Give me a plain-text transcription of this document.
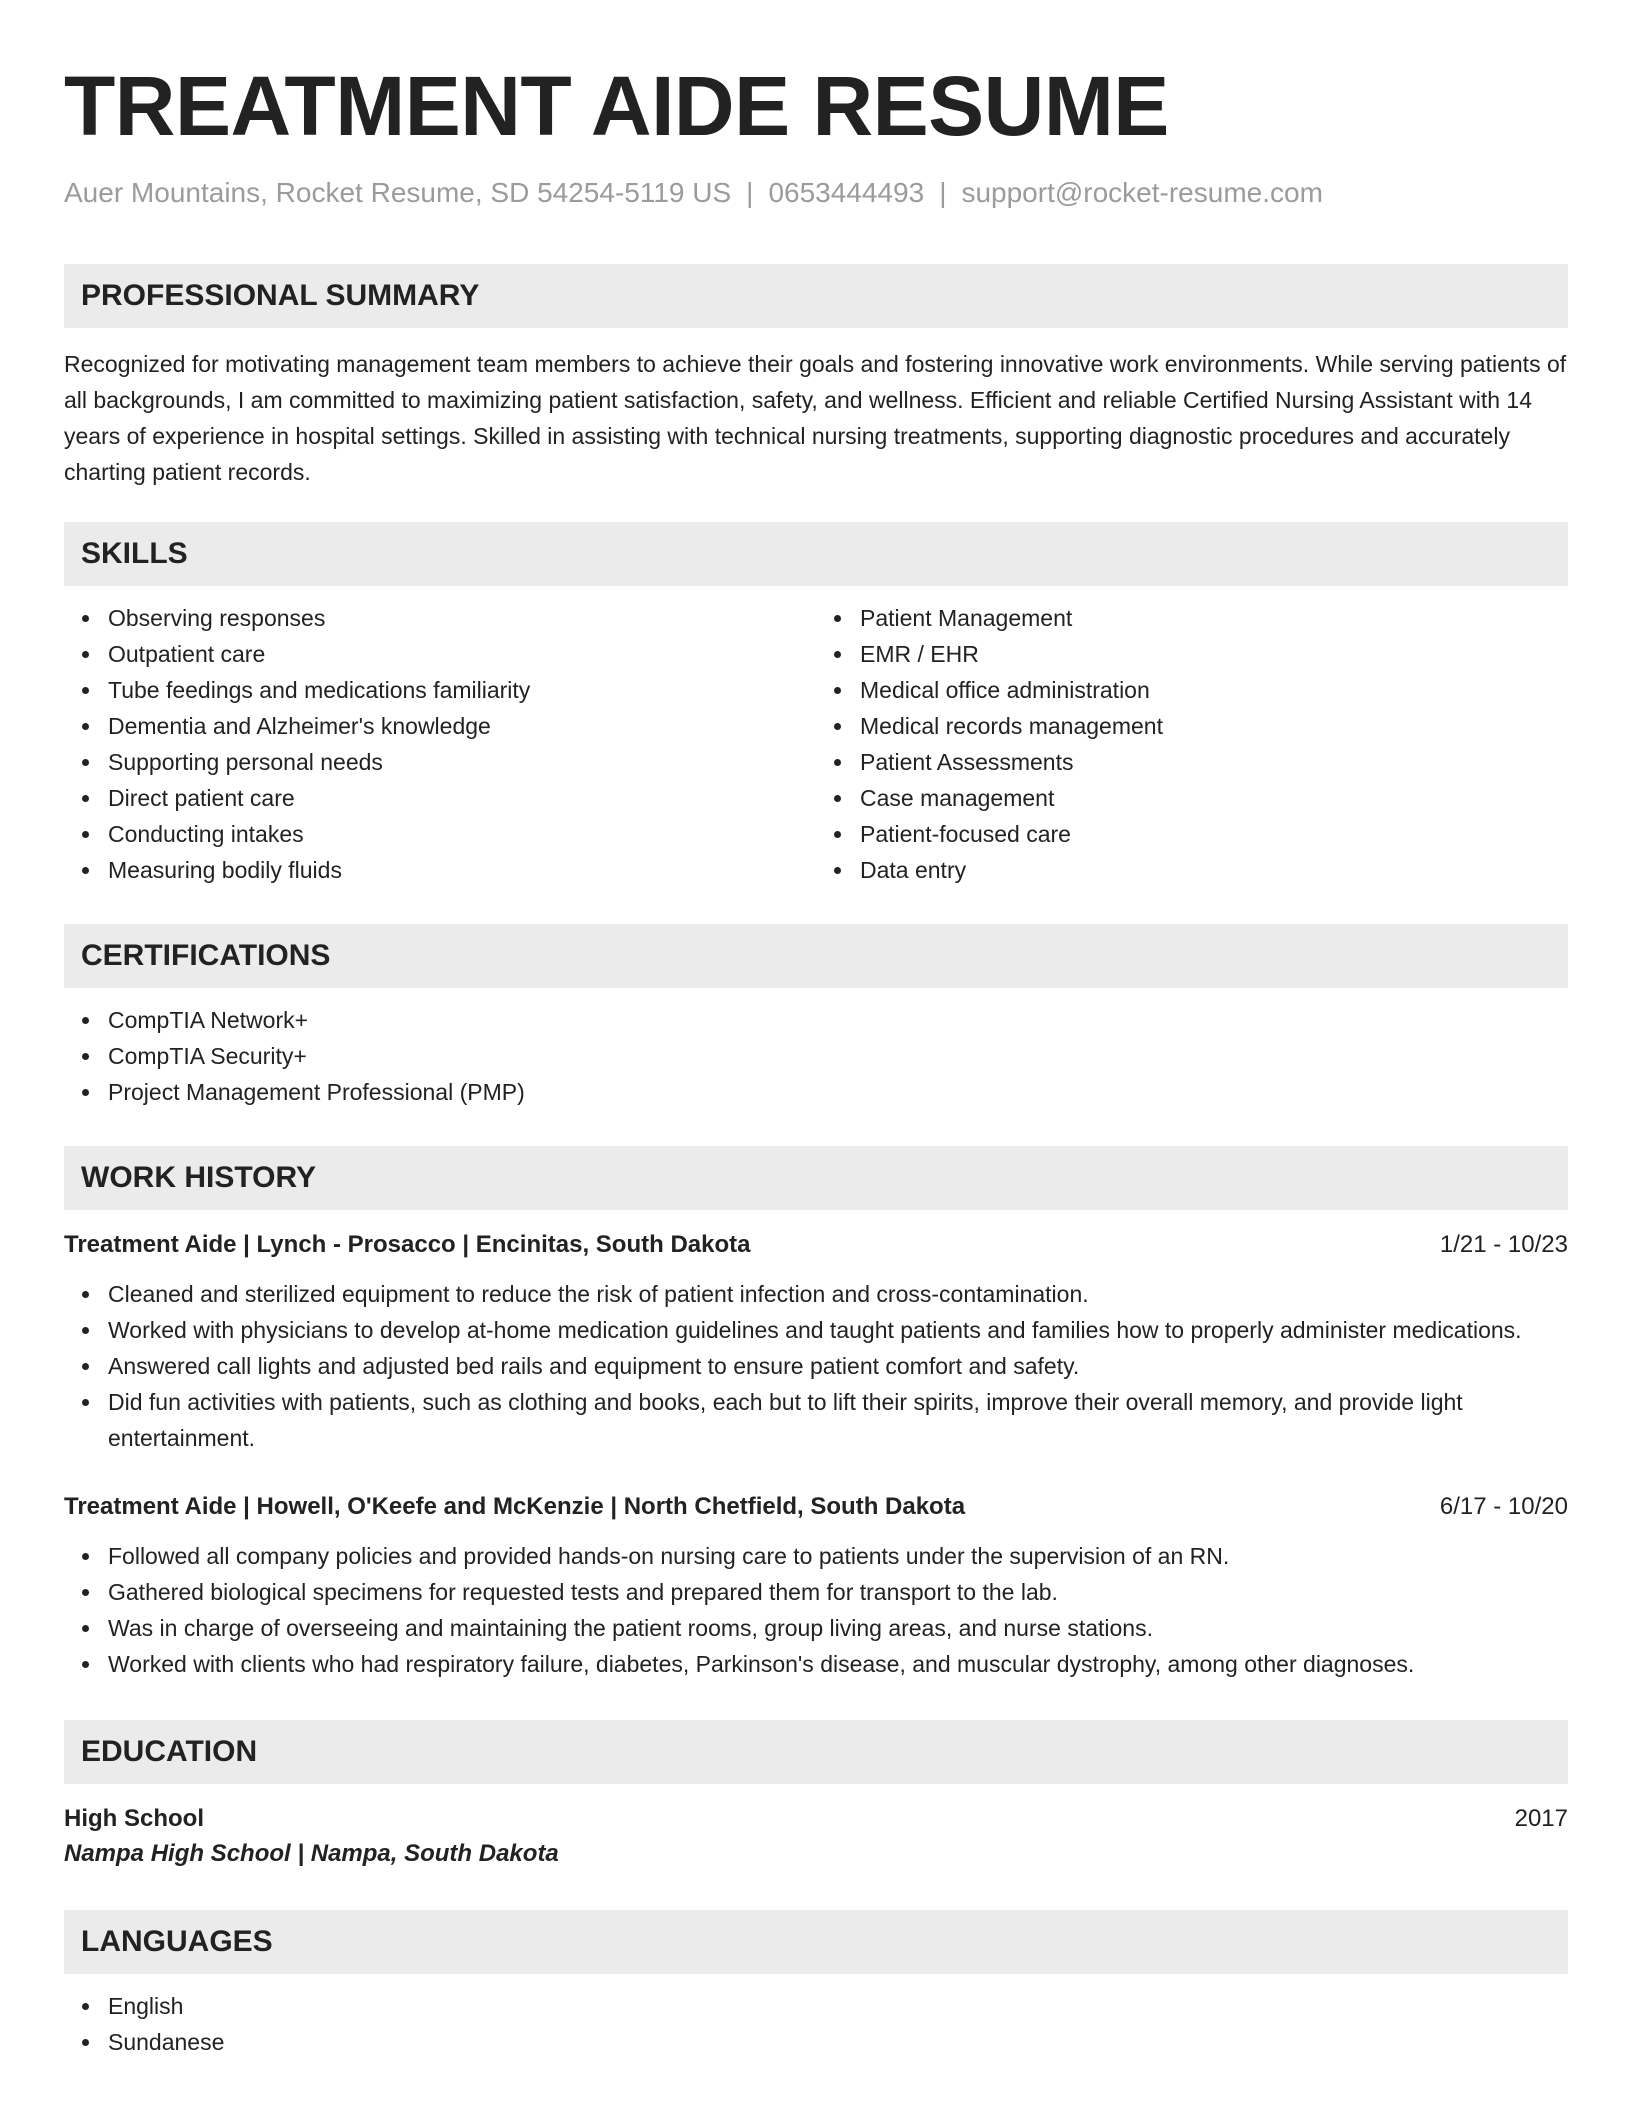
TREATMENT AIDE RESUME
Auer Mountains, Rocket Resume, SD 54254-5119 US | 0653444493 | support@rocket-resume.com
PROFESSIONAL SUMMARY
Recognized for motivating management team members to achieve their goals and fostering innovative work environments. While serving patients of all backgrounds, I am committed to maximizing patient satisfaction, safety, and wellness. Efficient and reliable Certified Nursing Assistant with 14 years of experience in hospital settings. Skilled in assisting with technical nursing treatments, supporting diagnostic procedures and accurately charting patient records.
SKILLS
Observing responses
Outpatient care
Tube feedings and medications familiarity
Dementia and Alzheimer's knowledge
Supporting personal needs
Direct patient care
Conducting intakes
Measuring bodily fluids
Patient Management
EMR / EHR
Medical office administration
Medical records management
Patient Assessments
Case management
Patient-focused care
Data entry
CERTIFICATIONS
CompTIA Network+
CompTIA Security+
Project Management Professional (PMP)
WORK HISTORY
Treatment Aide | Lynch - Prosacco | Encinitas, South Dakota	1/21 - 10/23
Cleaned and sterilized equipment to reduce the risk of patient infection and cross-contamination.
Worked with physicians to develop at-home medication guidelines and taught patients and families how to properly administer medications.
Answered call lights and adjusted bed rails and equipment to ensure patient comfort and safety.
Did fun activities with patients, such as clothing and books, each but to lift their spirits, improve their overall memory, and provide light entertainment.
Treatment Aide | Howell, O'Keefe and McKenzie | North Chetfield, South Dakota	6/17 - 10/20
Followed all company policies and provided hands-on nursing care to patients under the supervision of an RN.
Gathered biological specimens for requested tests and prepared them for transport to the lab.
Was in charge of overseeing and maintaining the patient rooms, group living areas, and nurse stations.
Worked with clients who had respiratory failure, diabetes, Parkinson's disease, and muscular dystrophy, among other diagnoses.
EDUCATION
High School	2017
Nampa High School | Nampa, South Dakota
LANGUAGES
English
Sundanese
